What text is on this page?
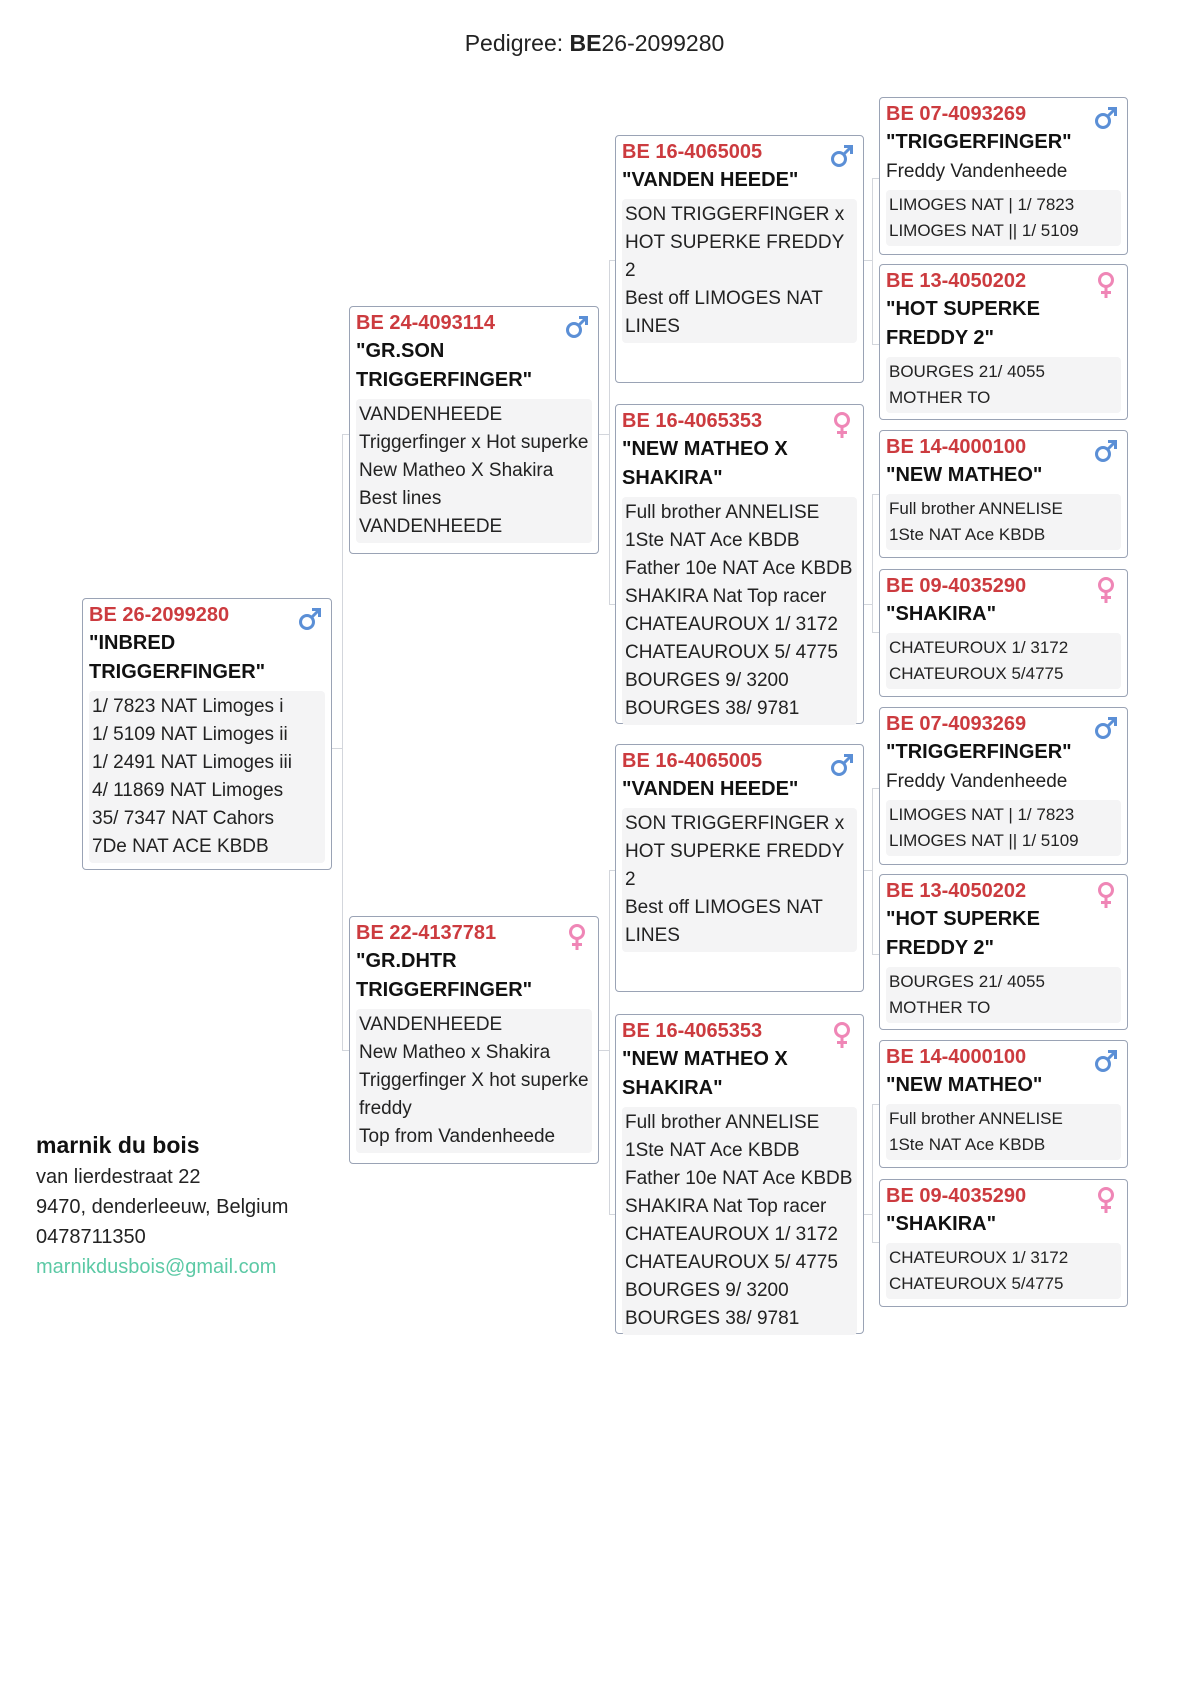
Pedigree: BE26-2099280
BE 26-2099280
"INBRED TRIGGERFINGER"
1/ 7823 NAT Limoges i
1/ 5109 NAT Limoges ii
1/ 2491 NAT Limoges iii
4/ 11869 NAT Limoges
35/ 7347 NAT Cahors
7De NAT ACE KBDB
BE 24-4093114
"GR.SON TRIGGERFINGER"
VANDENHEEDE
Triggerfinger x Hot superke
New Matheo X Shakira
Best lines VANDENHEEDE
BE 22-4137781
"GR.DHTR TRIGGERFINGER"
VANDENHEEDE
New Matheo x Shakira
Triggerfinger X hot superke freddy
Top from Vandenheede
BE 16-4065005
"VANDEN HEEDE"
SON TRIGGERFINGER x HOT SUPERKE FREDDY 2
Best off LIMOGES NAT LINES
BE 16-4065353
"NEW MATHEO X SHAKIRA"
Full brother ANNELISE
1Ste NAT Ace KBDB
Father 10e NAT Ace KBDB
SHAKIRA Nat Top racer
CHATEAUROUX 1/ 3172
CHATEAUROUX 5/ 4775
BOURGES 9/ 3200
BOURGES 38/ 9781
BE 16-4065005
"VANDEN HEEDE"
SON TRIGGERFINGER x HOT SUPERKE FREDDY 2
Best off LIMOGES NAT LINES
BE 16-4065353
"NEW MATHEO X SHAKIRA"
Full brother ANNELISE
1Ste NAT Ace KBDB
Father 10e NAT Ace KBDB
SHAKIRA Nat Top racer
CHATEAUROUX 1/ 3172
CHATEAUROUX 5/ 4775
BOURGES 9/ 3200
BOURGES 38/ 9781
BE 07-4093269
"TRIGGERFINGER"
Freddy Vandenheede
LIMOGES NAT | 1/ 7823
LIMOGES NAT || 1/ 5109
BE 13-4050202
"HOT SUPERKE FREDDY 2"
BOURGES 21/ 4055
MOTHER TO
BE 14-4000100
"NEW MATHEO"
Full brother ANNELISE
1Ste NAT Ace KBDB
BE 09-4035290
"SHAKIRA"
CHATEUROUX 1/ 3172
CHATEUROUX 5/4775
BE 07-4093269
"TRIGGERFINGER"
Freddy Vandenheede
LIMOGES NAT | 1/ 7823
LIMOGES NAT || 1/ 5109
BE 13-4050202
"HOT SUPERKE FREDDY 2"
BOURGES 21/ 4055
MOTHER TO
BE 14-4000100
"NEW MATHEO"
Full brother ANNELISE
1Ste NAT Ace KBDB
BE 09-4035290
"SHAKIRA"
CHATEUROUX 1/ 3172
CHATEUROUX 5/4775
marnik du bois
van lierdestraat 22
9470, denderleeuw, Belgium
0478711350
marnikdusbois@gmail.com
